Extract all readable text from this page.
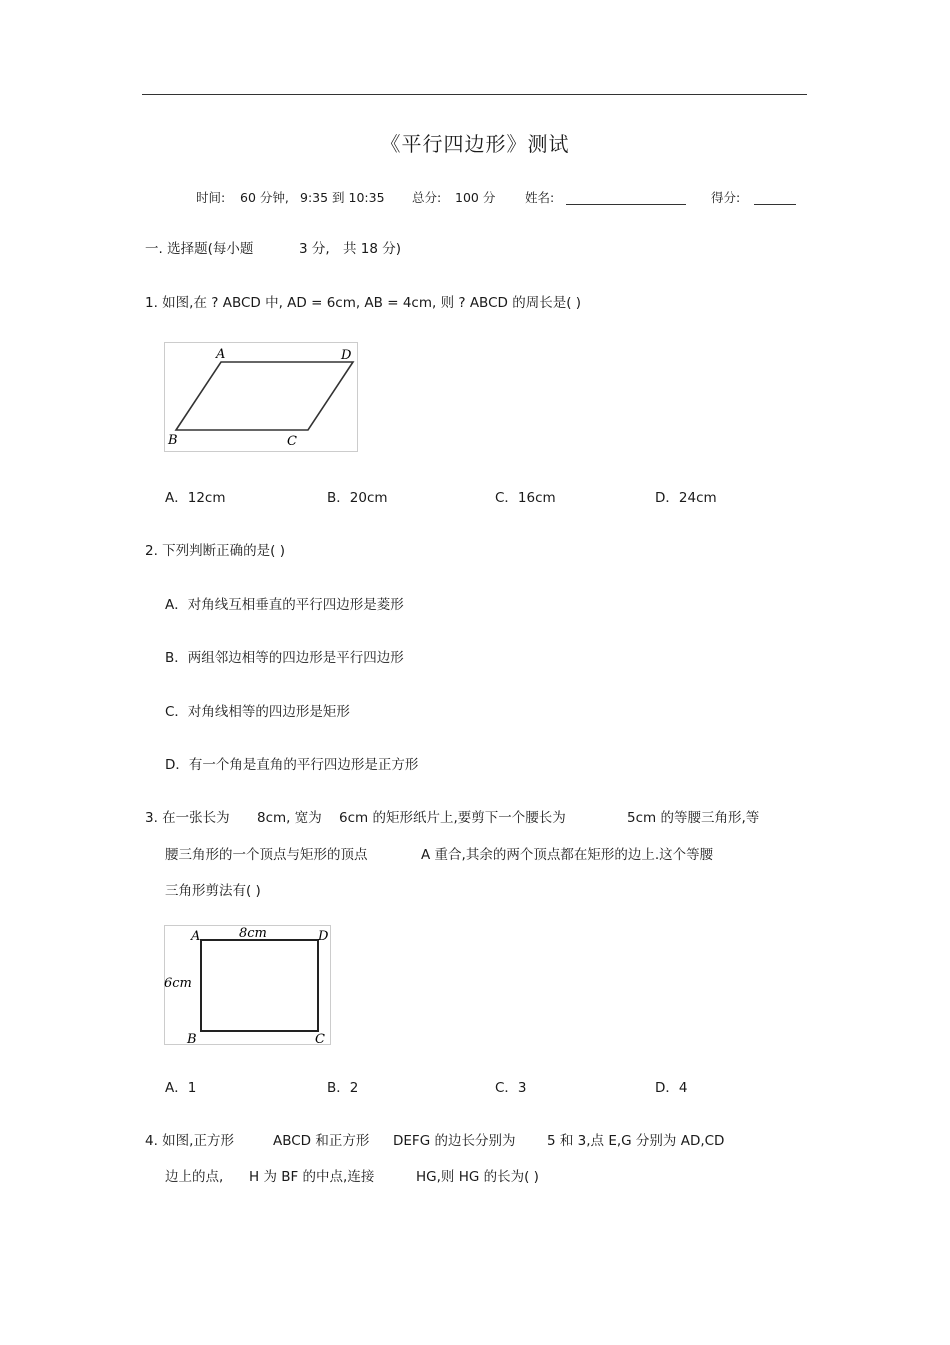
《平行四边形》测试
时间: 60 分钟, 9:35 到 10:35 总分: 100 分 姓名:	得分:
一. 选择题(每小题	3 分, 共 18 分)
1. 如图,在 ? ABCD 中, AD = 6cm, AB = 4cm, 则 ? ABCD 的周长是( )
A	D
B	C
A．12cm	B．20cm	C．16cm	D．24cm
2. 下列判断正确的是( )
A．对角线互相垂直的平行四边形是菱形
B．两组邻边相等的四边形是平行四边形
C．对角线相等的四边形是矩形
D．有一个角是直角的平行四边形是正方形
3. 在一张长为 8cm, 宽为 6cm 的矩形纸片上,要剪下一个腰长为	5cm 的等腰三角形,等
腰三角形的一个顶点与矩形的顶点	A 重合,其余的两个顶点都在矩形的边上.这个等腰
三角形剪法有( )
A	D
B	C
8cm
6cm
A．1	B．2	C．3	D．4
4. 如图,正方形	ABCD 和正方形 DEFG 的边长分别为 5 和 3,点 E,G 分别为 AD,CD
边上的点, H 为 BF 的中点,连接	HG,则 HG 的长为( )
